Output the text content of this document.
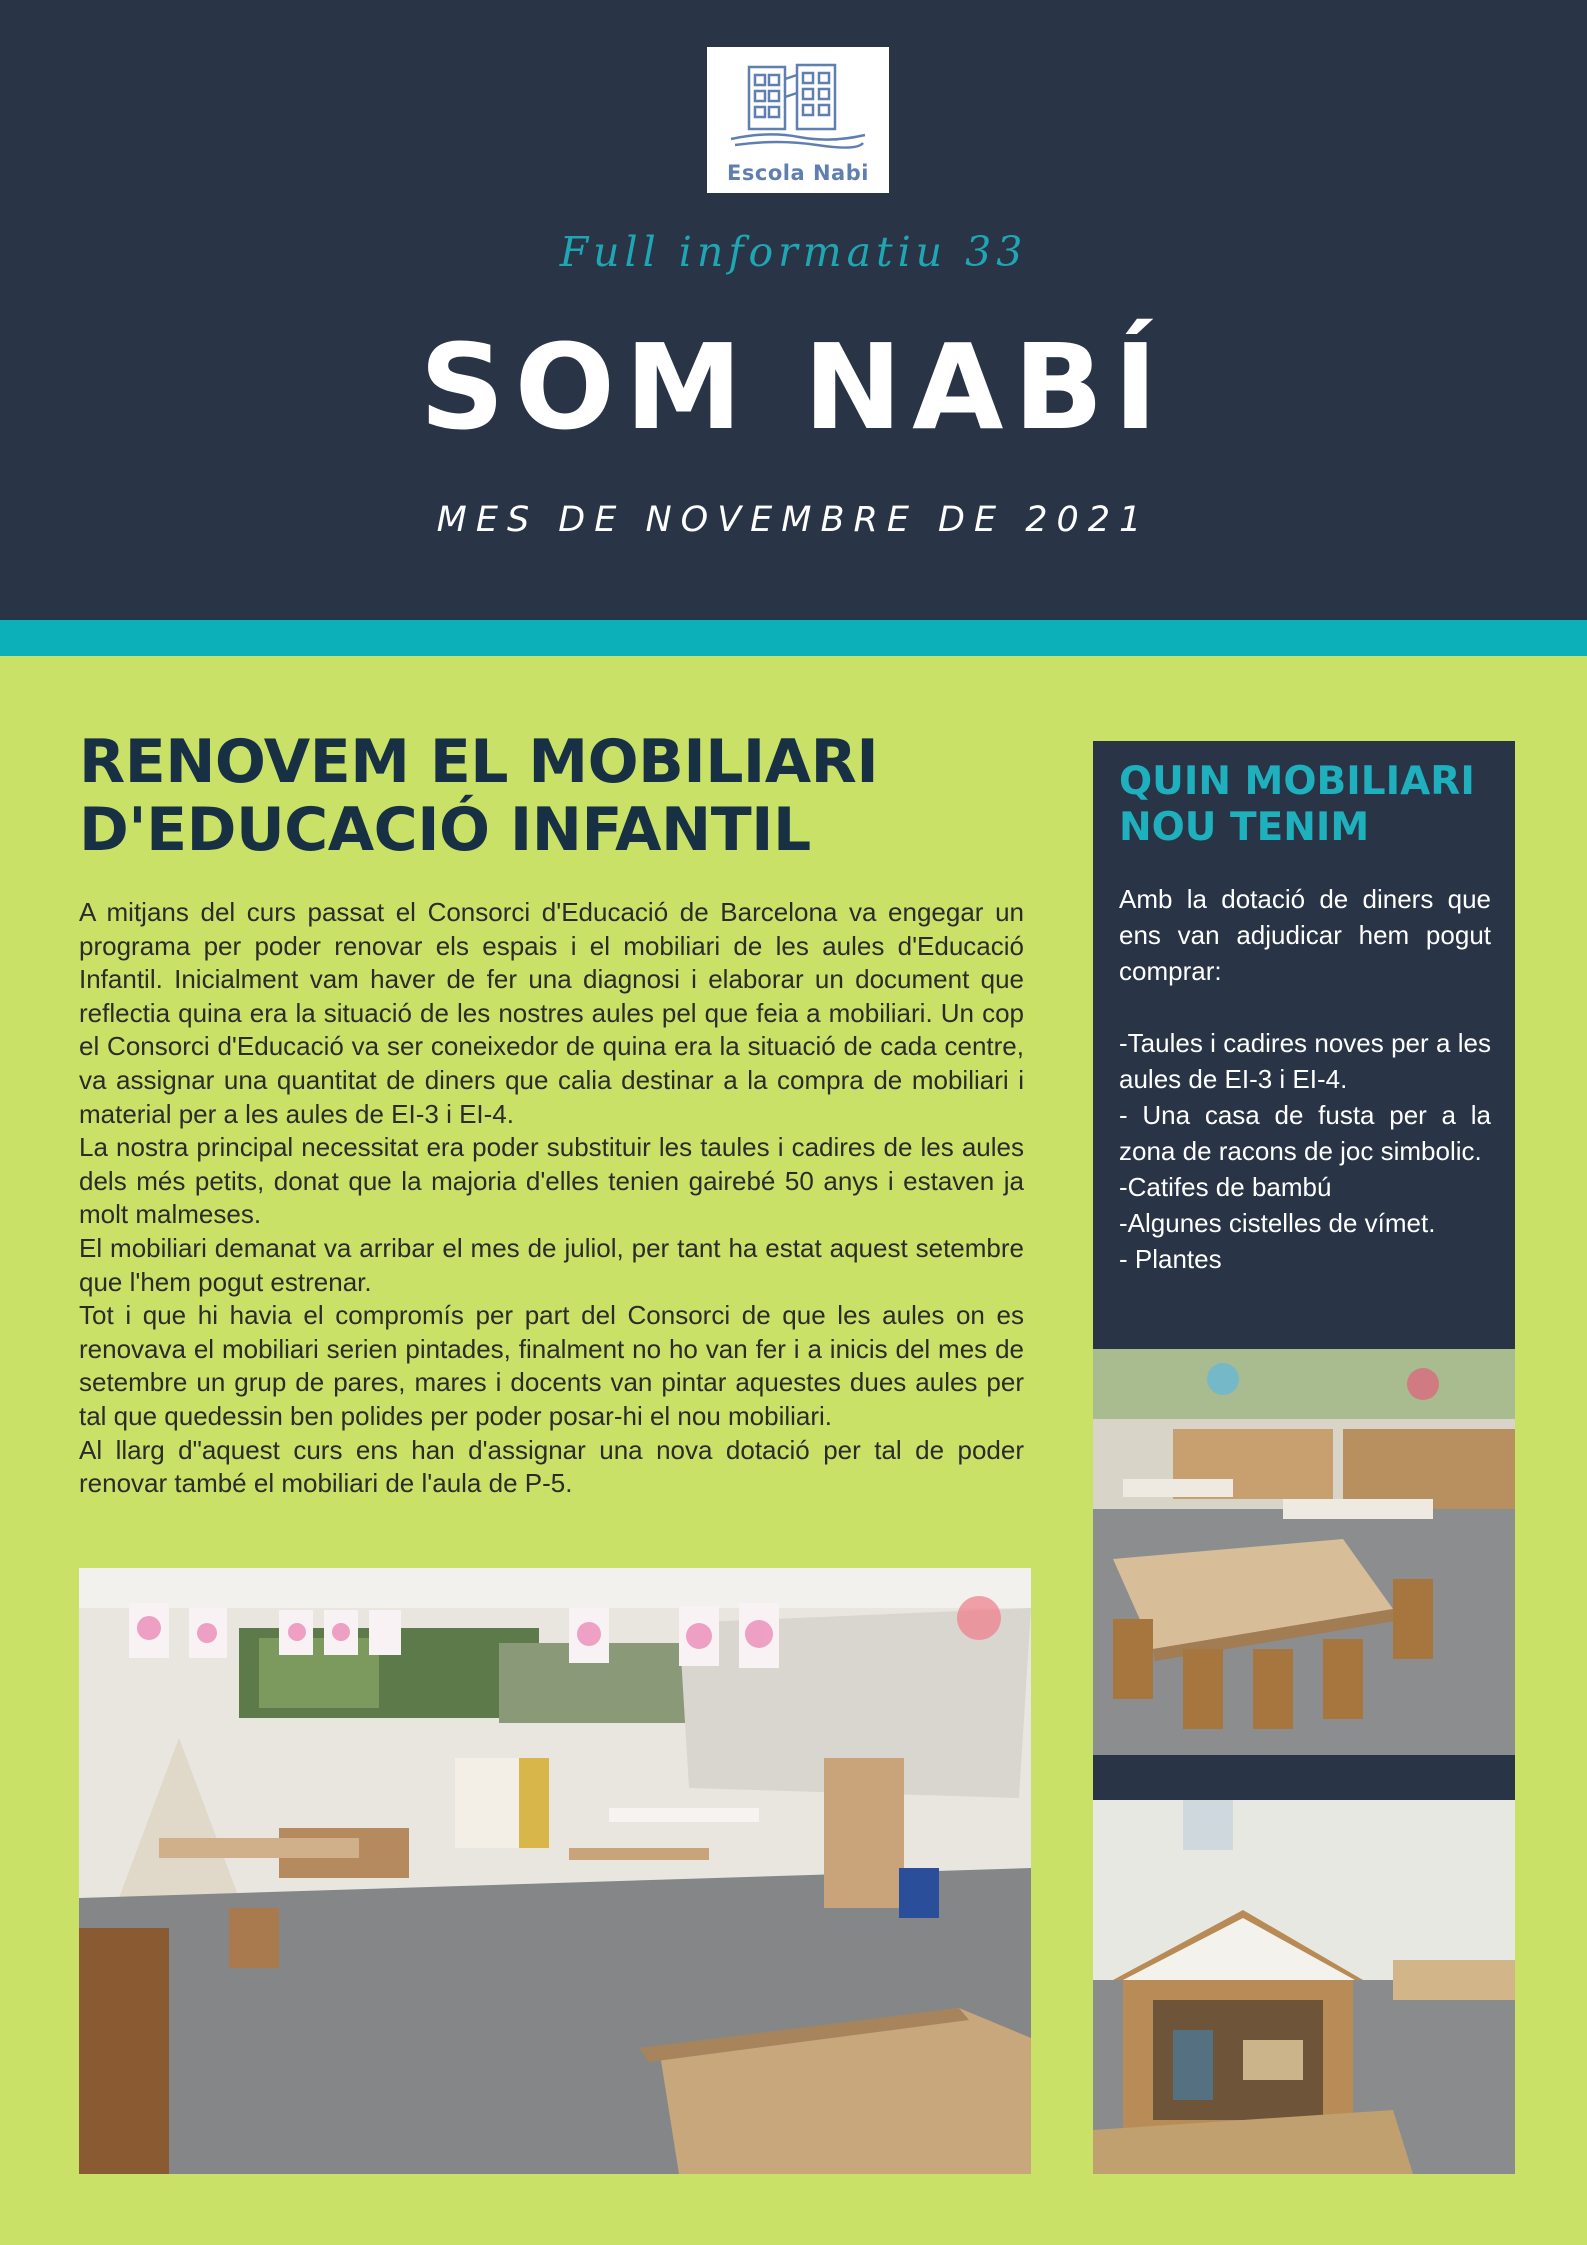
Escola Nabi
Full informatiu 33
SOM NABÍ
MES DE NOVEMBRE DE 2021
RENOVEM EL MOBILIARI
D'EDUCACIÓ INFANTIL

A mitjans del curs passat el Consorci d'Educació de Barcelona va engegar un programa per poder renovar els espais i el mobiliari de les aules d'Educació Infantil. Inicialment vam haver de fer una diagnosi i elaborar un document que reflectia quina era la situació de les nostres aules pel que feia a mobiliari. Un cop el Consorci d'Educació va ser coneixedor de quina era la situació de cada centre, va assignar una quantitat de diners que calia destinar a la compra de mobiliari i material per a les aules de EI-3 i EI-4.

La nostra principal necessitat era poder substituir les taules i cadires de les aules dels més petits, donat que la majoria d'elles tenien gairebé 50 anys i estaven ja molt malmeses.

El mobiliari demanat va arribar el mes de juliol, per tant ha estat aquest setembre que l'hem pogut estrenar.

Tot i que hi havia el compromís per part del Consorci de que les aules on es renovava el mobiliari serien pintades, finalment no ho van fer i a inicis del mes de setembre un grup de pares, mares i docents van pintar aquestes dues aules per tal que quedessin ben polides per poder posar-hi el nou mobiliari.

Al llarg d"aquest curs ens han d'assignar una nova dotació per tal de poder renovar també el mobiliari de l'aula de P-5.

QUIN MOBILIARI
NOU TENIM

Amb la dotació de diners que ens van adjudicar hem pogut comprar:

-Taules i cadires noves per a les aules de EI-3 i EI-4.

- Una casa de fusta per a la zona de racons de joc simbolic.

-Catifes de bambú

-Algunes cistelles de vímet.

- Plantes
